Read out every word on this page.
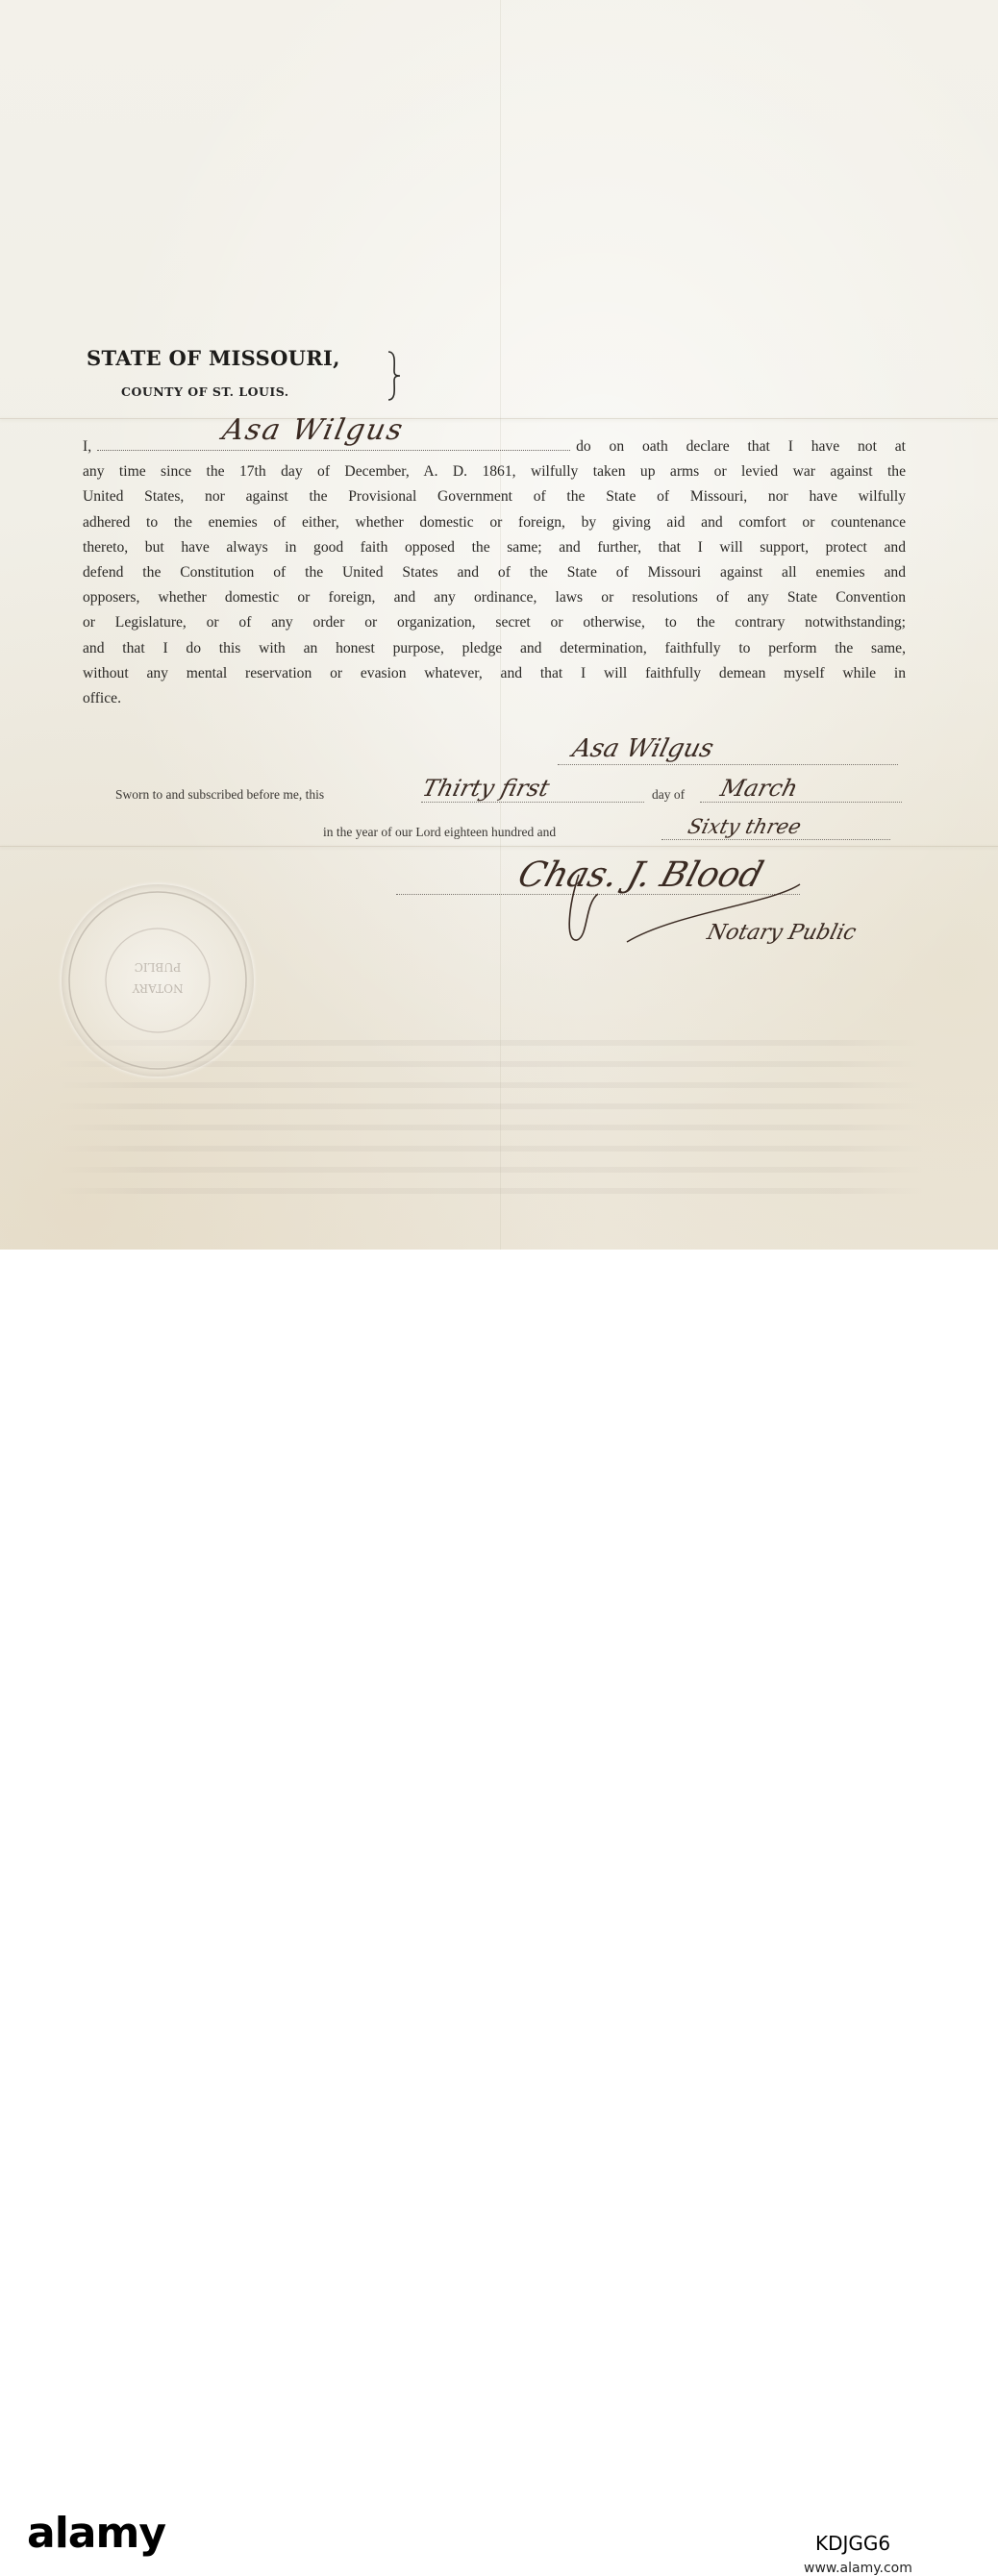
STATE OF MISSOURI,
COUNTY OF ST. LOUIS.
Asa Wilgus
I,	do on oath declare that I have not at
any time since the 17th day of December, A. D. 1861, wilfully taken up arms or levied war against the
United States, nor against the Provisional Government of the State of Missouri, nor have wilfully
adhered to the enemies of either, whether domestic or foreign, by giving aid and comfort or countenance
thereto, but have always in good faith opposed the same; and further, that I will support, protect and
defend the Constitution of the United States and of the State of Missouri against all enemies and
opposers, whether domestic or foreign, and any ordinance, laws or resolutions of any State Convention
or Legislature, or of any order or organization, secret or otherwise, to the contrary notwithstanding;
and that I do this with an honest purpose, pledge and determination, faithfully to perform the same,
without any mental reservation or evasion whatever, and that I will faithfully demean myself while in
office.
Asa Wilgus
Sworn to and subscribed before me, this	Thirty first	day of March
in the year of our Lord eighteen hundred and	Sixty three
Chas. J. Blood
Notary Public
NOTARY
PUBLIC
alamy	KDJGG6
www.alamy.com
